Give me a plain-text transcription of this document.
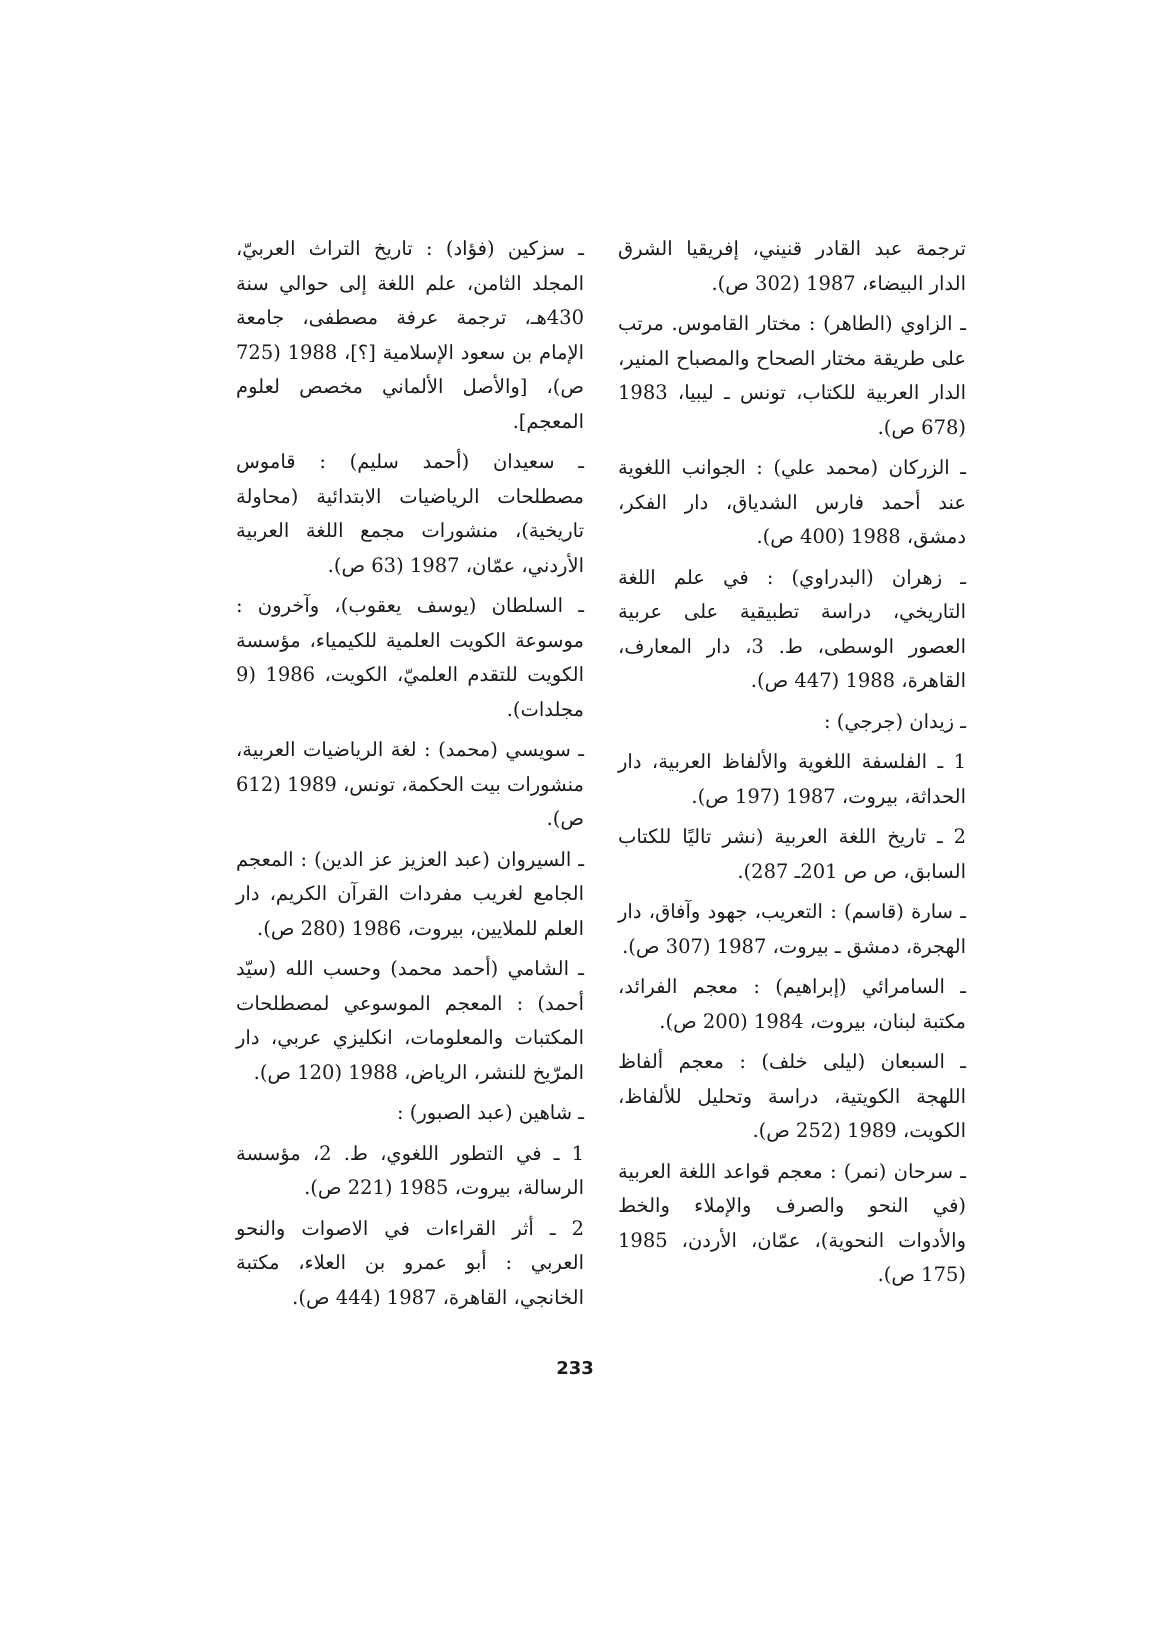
ترجمة عبد القادر قنيني، إفريقيا الشرق الدار البيضاء، 1987 (302 ص).

ـ الزاوي (الطاهر) : مختار القاموس. مرتب على طريقة مختار الصحاح والمصباح المنير، الدار العربية للكتاب، تونس ـ ليبيا، 1983 (678 ص).

ـ الزركان (محمد علي) : الجوانب اللغوية عند أحمد فارس الشدياق، دار الفكر، دمشق، 1988 (400 ص).

ـ زهران (البدراوي) : في علم اللغة التاريخي، دراسة تطبيقية على عربية العصور الوسطى، ط. 3، دار المعارف، القاهرة، 1988 (447 ص).

ـ زيدان (جرجي) :

1 ـ الفلسفة اللغوية والألفاظ العربية، دار الحداثة، بيروت، 1987 (197 ص).

2 ـ تاريخ اللغة العربية (نشر تاليًا للكتاب السابق، ص ص 201ـ 287).

ـ سارة (قاسم) : التعريب، جهود وآفاق، دار الهجرة، دمشق ـ بيروت، 1987 (307 ص).

ـ السامرائي (إبراهيم) : معجم الفرائد، مكتبة لبنان، بيروت، 1984 (200 ص).

ـ السبعان (ليلى خلف) : معجم ألفاظ اللهجة الكويتية، دراسة وتحليل للألفاظ، الكويت، 1989 (252 ص).

ـ سرحان (نمر) : معجم قواعد اللغة العربية (في النحو والصرف والإملاء والخط والأدوات النحوية)، عمّان، الأردن، 1985 (175 ص).

ـ سزكين (فؤاد) : تاريخ التراث العربيّ، المجلد الثامن، علم اللغة إلى حوالي سنة 430هـ، ترجمة عرفة مصطفى، جامعة الإمام بن سعود الإسلامية [؟]، 1988 (725 ص)، [والأصل الألماني مخصص لعلوم المعجم].

ـ سعيدان (أحمد سليم) : قاموس مصطلحات الرياضيات الابتدائية (محاولة تاريخية)، منشورات مجمع اللغة العربية الأردني، عمّان، 1987 (63 ص).

ـ السلطان (يوسف يعقوب)، وآخرون : موسوعة الكويت العلمية للكيمياء، مؤسسة الكويت للتقدم العلميّ، الكويت، 1986 (9 مجلدات).

ـ سويسي (محمد) : لغة الرياضيات العربية، منشورات بيت الحكمة، تونس، 1989 (612 ص).

ـ السيروان (عبد العزيز عز الدين) : المعجم الجامع لغريب مفردات القرآن الكريم، دار العلم للملايين، بيروت، 1986 (280 ص).

ـ الشامي (أحمد محمد) وحسب الله (سيّد أحمد) : المعجم الموسوعي لمصطلحات المكتبات والمعلومات، انكليزي عربي، دار المرّيخ للنشر، الرياض، 1988 (120 ص).

ـ شاهين (عبد الصبور) :

1 ـ في التطور اللغوي، ط. 2، مؤسسة الرسالة، بيروت، 1985 (221 ص).

2 ـ أثر القراءات في الاصوات والنحو العربي : أبو عمرو بن العلاء، مكتبة الخانجي، القاهرة، 1987 (444 ص).

233
